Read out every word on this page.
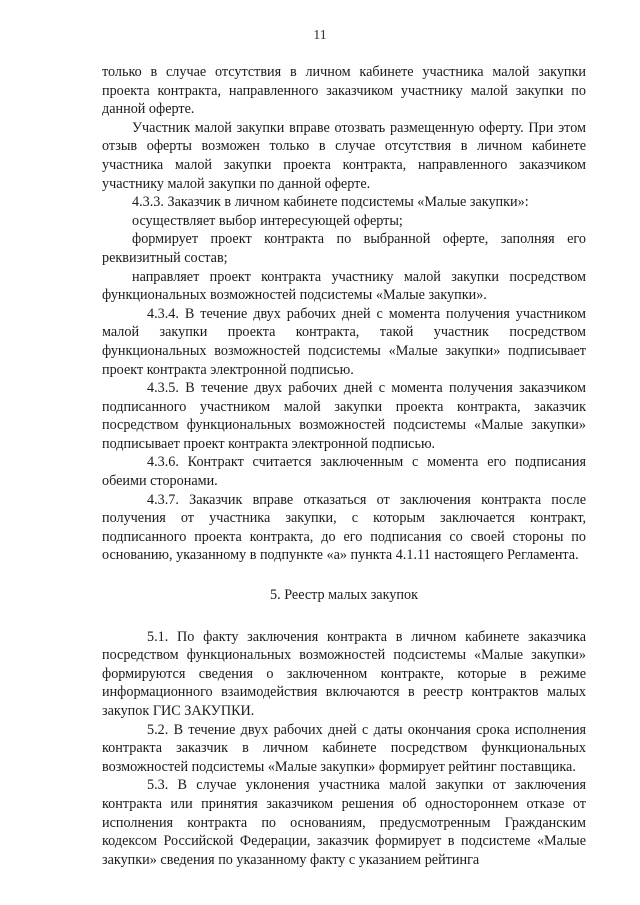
11

только в случае отсутствия в личном кабинете участника малой закупки проекта контракта, направленного заказчиком участнику малой закупки по данной оферте.

Участник малой закупки вправе отозвать размещенную оферту. При этом отзыв оферты возможен только в случае отсутствия в личном кабинете участника малой закупки проекта контракта, направленного заказчиком участнику малой закупки по данной оферте.

4.3.3. Заказчик в личном кабинете подсистемы «Малые закупки»:

осуществляет выбор интересующей оферты;

формирует проект контракта по выбранной оферте, заполняя его реквизитный состав;

направляет проект контракта участнику малой закупки посредством функциональных возможностей подсистемы «Малые закупки».

4.3.4. В течение двух рабочих дней с момента получения участником малой закупки проекта контракта, такой участник посредством функциональных возможностей подсистемы «Малые закупки» подписывает проект контракта электронной подписью.

4.3.5. В течение двух рабочих дней с момента получения заказчиком подписанного участником малой закупки проекта контракта, заказчик посредством функциональных возможностей подсистемы «Малые закупки» подписывает проект контракта электронной подписью.

4.3.6. Контракт считается заключенным с момента его подписания обеими сторонами.

4.3.7. Заказчик вправе отказаться от заключения контракта после получения от участника закупки, с которым заключается контракт, подписанного проекта контракта, до его подписания со своей стороны по основанию, указанному в подпункте «а» пункта 4.1.11 настоящего Регламента.

5. Реестр малых закупок

5.1. По факту заключения контракта в личном кабинете заказчика посредством функциональных возможностей подсистемы «Малые закупки» формируются сведения о заключенном контракте, которые в режиме информационного взаимодействия включаются в реестр контрактов малых закупок ГИС ЗАКУПКИ.

5.2. В течение двух рабочих дней с даты окончания срока исполнения контракта заказчик в личном кабинете посредством функциональных возможностей подсистемы «Малые закупки» формирует рейтинг поставщика.

5.3. В случае уклонения участника малой закупки от заключения контракта или принятия заказчиком решения об одностороннем отказе от исполнения контракта по основаниям, предусмотренным Гражданским кодексом Российской Федерации, заказчик формирует в подсистеме «Малые закупки» сведения по указанному факту с указанием рейтинга
